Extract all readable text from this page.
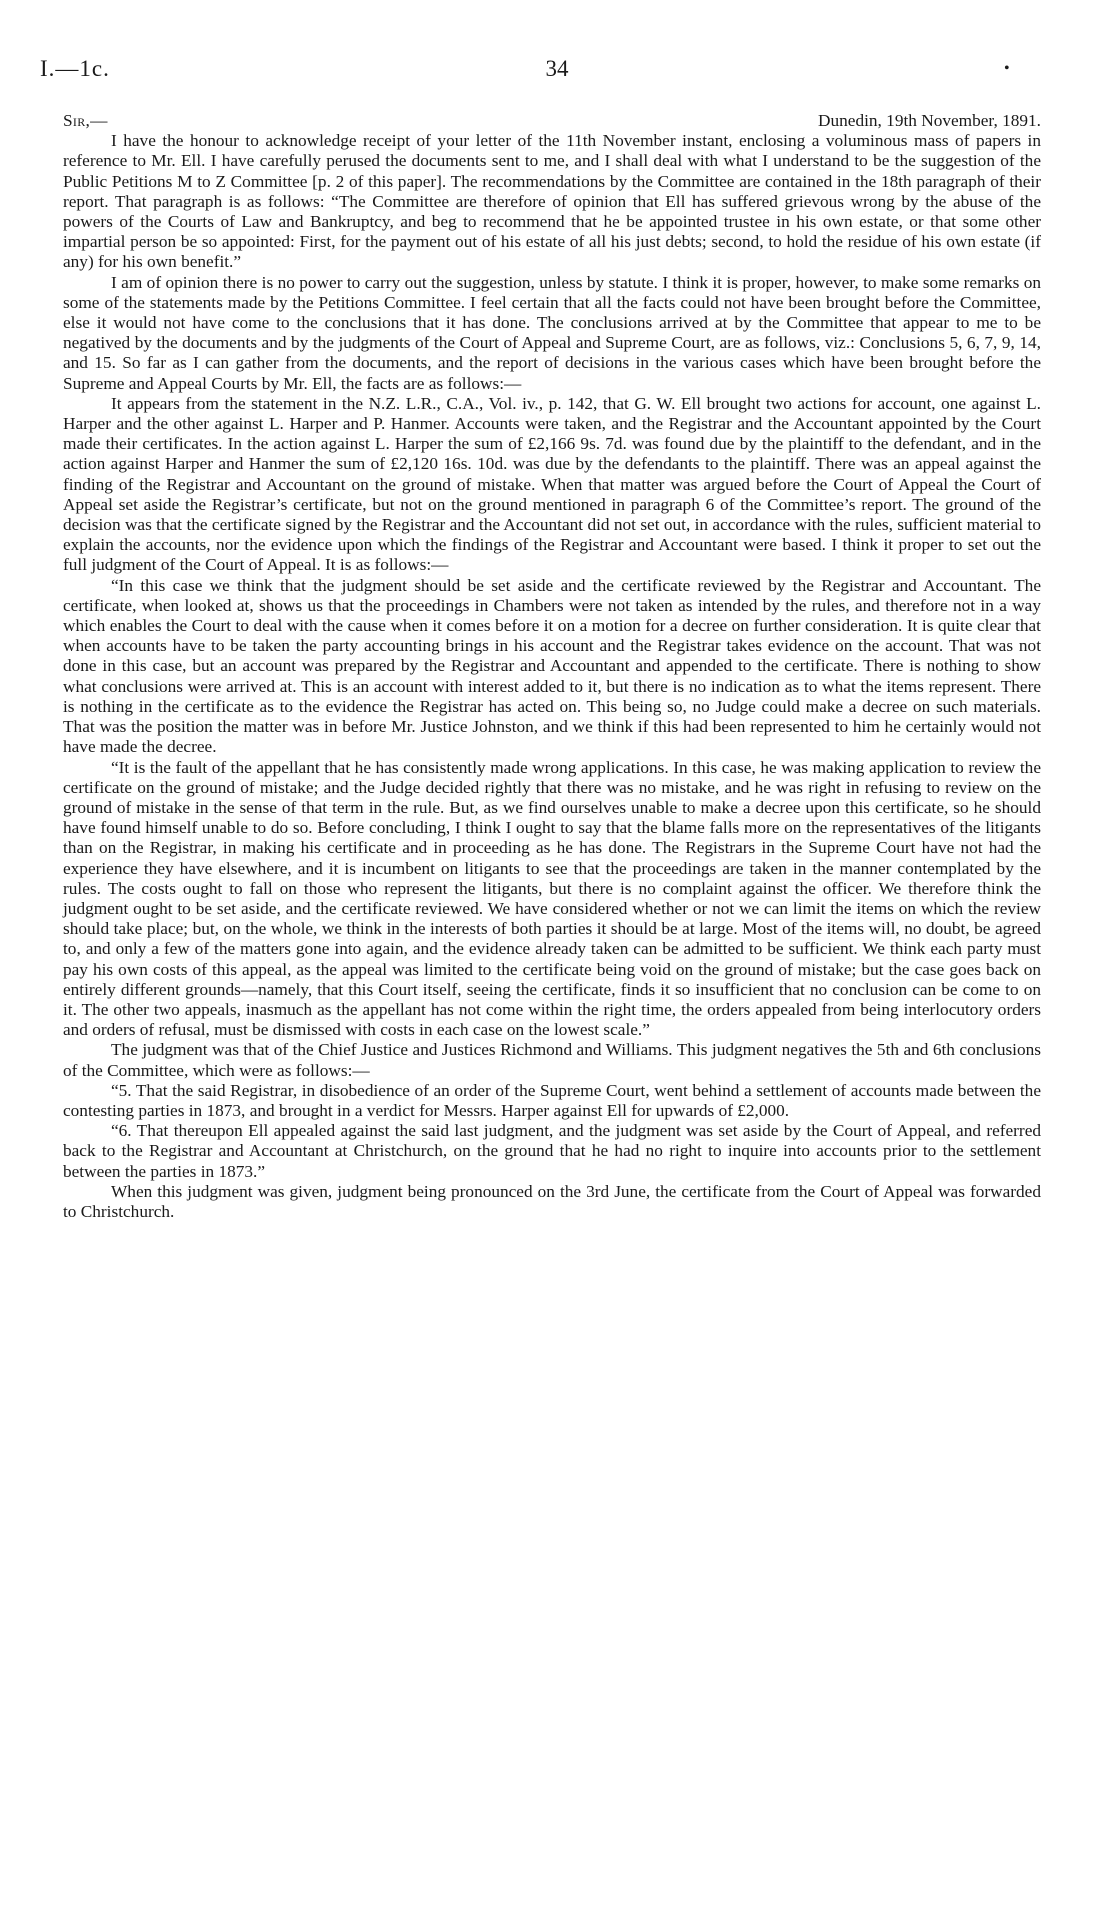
I.—1c.	34	•
Sir,—	Dunedin, 19th November, 1891.

I have the honour to acknowledge receipt of your letter of the 11th November instant, enclosing a voluminous mass of papers in reference to Mr. Ell. I have carefully perused the documents sent to me, and I shall deal with what I understand to be the suggestion of the Public Petitions M to Z Committee [p. 2 of this paper]. The recommendations by the Committee are contained in the 18th paragraph of their report. That paragraph is as follows: “The Committee are therefore of opinion that Ell has suffered grievous wrong by the abuse of the powers of the Courts of Law and Bankruptcy, and beg to recommend that he be appointed trustee in his own estate, or that some other impartial person be so appointed: First, for the payment out of his estate of all his just debts; second, to hold the residue of his own estate (if any) for his own benefit.”

I am of opinion there is no power to carry out the suggestion, unless by statute. I think it is proper, however, to make some remarks on some of the statements made by the Petitions Committee. I feel certain that all the facts could not have been brought before the Committee, else it would not have come to the conclusions that it has done. The conclusions arrived at by the Committee that appear to me to be negatived by the documents and by the judgments of the Court of Appeal and Supreme Court, are as follows, viz.: Conclusions 5, 6, 7, 9, 14, and 15. So far as I can gather from the documents, and the report of decisions in the various cases which have been brought before the Supreme and Appeal Courts by Mr. Ell, the facts are as follows:—

It appears from the statement in the N.Z. L.R., C.A., Vol. iv., p. 142, that G. W. Ell brought two actions for account, one against L. Harper and the other against L. Harper and P. Hanmer. Accounts were taken, and the Registrar and the Accountant appointed by the Court made their certificates. In the action against L. Harper the sum of £2,166 9s. 7d. was found due by the plaintiff to the defendant, and in the action against Harper and Hanmer the sum of £2,120 16s. 10d. was due by the defendants to the plaintiff. There was an appeal against the finding of the Registrar and Accountant on the ground of mistake. When that matter was argued before the Court of Appeal the Court of Appeal set aside the Registrar’s certificate, but not on the ground mentioned in paragraph 6 of the Committee’s report. The ground of the decision was that the certificate signed by the Registrar and the Accountant did not set out, in accordance with the rules, sufficient material to explain the accounts, nor the evidence upon which the findings of the Registrar and Accountant were based. I think it proper to set out the full judgment of the Court of Appeal. It is as follows:—

“In this case we think that the judgment should be set aside and the certificate reviewed by the Registrar and Accountant. The certificate, when looked at, shows us that the proceedings in Chambers were not taken as intended by the rules, and therefore not in a way which enables the Court to deal with the cause when it comes before it on a motion for a decree on further consideration. It is quite clear that when accounts have to be taken the party accounting brings in his account and the Registrar takes evidence on the account. That was not done in this case, but an account was prepared by the Registrar and Accountant and appended to the certificate. There is nothing to show what conclusions were arrived at. This is an account with interest added to it, but there is no indication as to what the items represent. There is nothing in the certificate as to the evidence the Registrar has acted on. This being so, no Judge could make a decree on such materials. That was the position the matter was in before Mr. Justice Johnston, and we think if this had been represented to him he certainly would not have made the decree.

“It is the fault of the appellant that he has consistently made wrong applications. In this case, he was making application to review the certificate on the ground of mistake; and the Judge decided rightly that there was no mistake, and he was right in refusing to review on the ground of mistake in the sense of that term in the rule. But, as we find ourselves unable to make a decree upon this certificate, so he should have found himself unable to do so. Before concluding, I think I ought to say that the blame falls more on the representatives of the litigants than on the Registrar, in making his certificate and in proceeding as he has done. The Registrars in the Supreme Court have not had the experience they have elsewhere, and it is incumbent on litigants to see that the proceedings are taken in the manner contemplated by the rules. The costs ought to fall on those who represent the litigants, but there is no complaint against the officer. We therefore think the judgment ought to be set aside, and the certificate reviewed. We have considered whether or not we can limit the items on which the review should take place; but, on the whole, we think in the interests of both parties it should be at large. Most of the items will, no doubt, be agreed to, and only a few of the matters gone into again, and the evidence already taken can be admitted to be sufficient. We think each party must pay his own costs of this appeal, as the appeal was limited to the certificate being void on the ground of mistake; but the case goes back on entirely different grounds—namely, that this Court itself, seeing the certificate, finds it so insufficient that no conclusion can be come to on it. The other two appeals, inasmuch as the appellant has not come within the right time, the orders appealed from being interlocutory orders and orders of refusal, must be dismissed with costs in each case on the lowest scale.”

The judgment was that of the Chief Justice and Justices Richmond and Williams. This judgment negatives the 5th and 6th conclusions of the Committee, which were as follows:—

“5. That the said Registrar, in disobedience of an order of the Supreme Court, went behind a settlement of accounts made between the contesting parties in 1873, and brought in a verdict for Messrs. Harper against Ell for upwards of £2,000.

“6. That thereupon Ell appealed against the said last judgment, and the judgment was set aside by the Court of Appeal, and referred back to the Registrar and Accountant at Christchurch, on the ground that he had no right to inquire into accounts prior to the settlement between the parties in 1873.”

When this judgment was given, judgment being pronounced on the 3rd June, the certificate from the Court of Appeal was forwarded to Christchurch.
